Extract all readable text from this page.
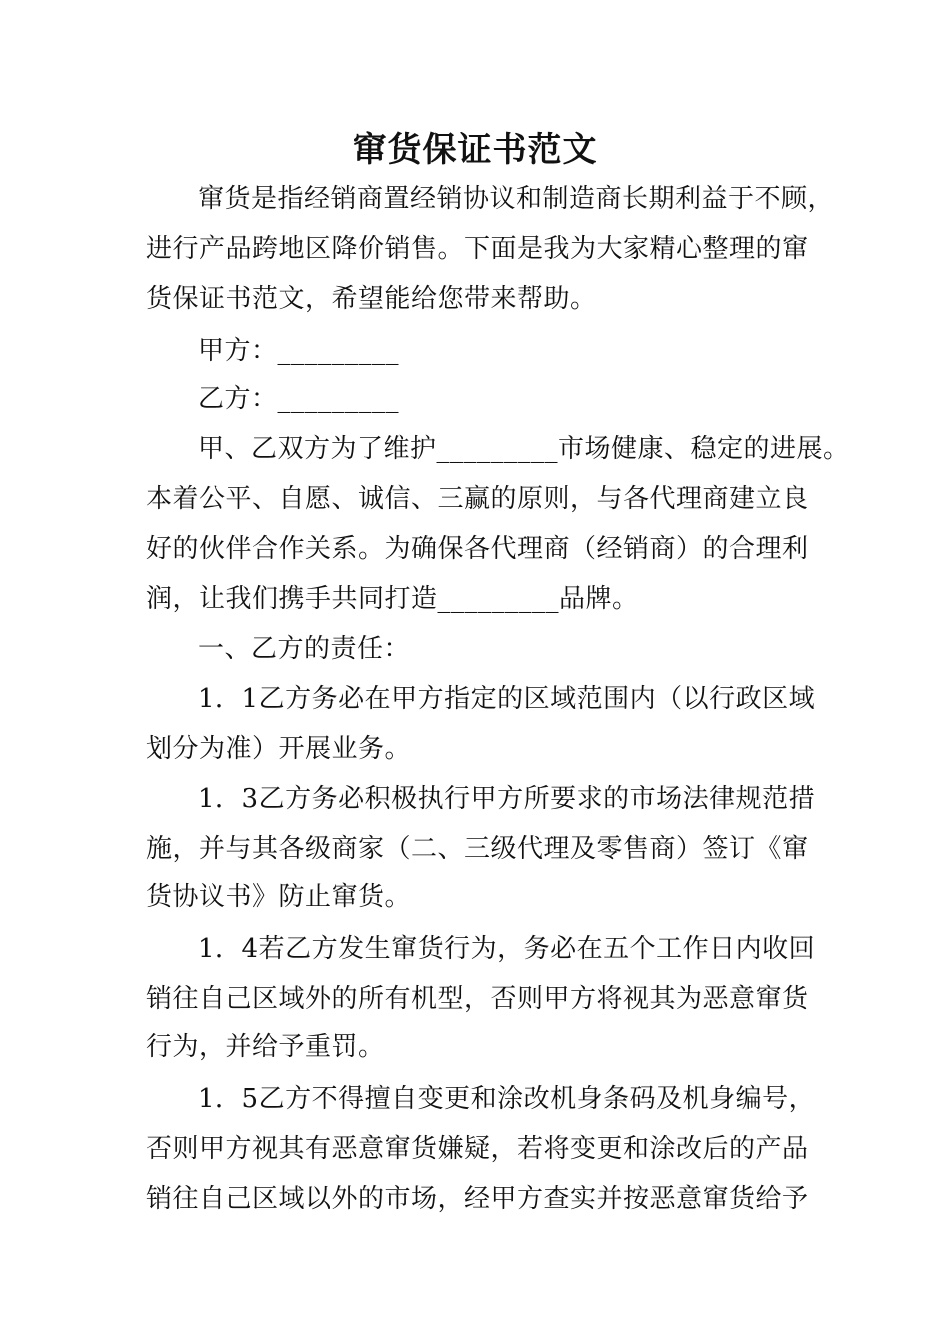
窜货保证书范文
窜货是指经销商置经销协议和制造商长期利益于不顾，
进行产品跨地区降价销售。下面是我为大家精心整理的窜
货保证书范文，希望能给您带来帮助。
甲方：_________
乙方：_________
甲、乙双方为了维护_________市场健康、稳定的进展。
本着公平、自愿、诚信、三赢的原则，与各代理商建立良
好的伙伴合作关系。为确保各代理商（经销商）的合理利
润，让我们携手共同打造_________品牌。
一、乙方的责任：
1．1乙方务必在甲方指定的区域范围内（以行政区域
划分为准）开展业务。
1．3乙方务必积极执行甲方所要求的市场法律规范措
施，并与其各级商家（二、三级代理及零售商）签订《窜
货协议书》防止窜货。
1．4若乙方发生窜货行为，务必在五个工作日内收回
销往自己区域外的所有机型，否则甲方将视其为恶意窜货
行为，并给予重罚。
1．5乙方不得擅自变更和涂改机身条码及机身编号，
否则甲方视其有恶意窜货嫌疑，若将变更和涂改后的产品
销往自己区域以外的市场，经甲方查实并按恶意窜货给予
